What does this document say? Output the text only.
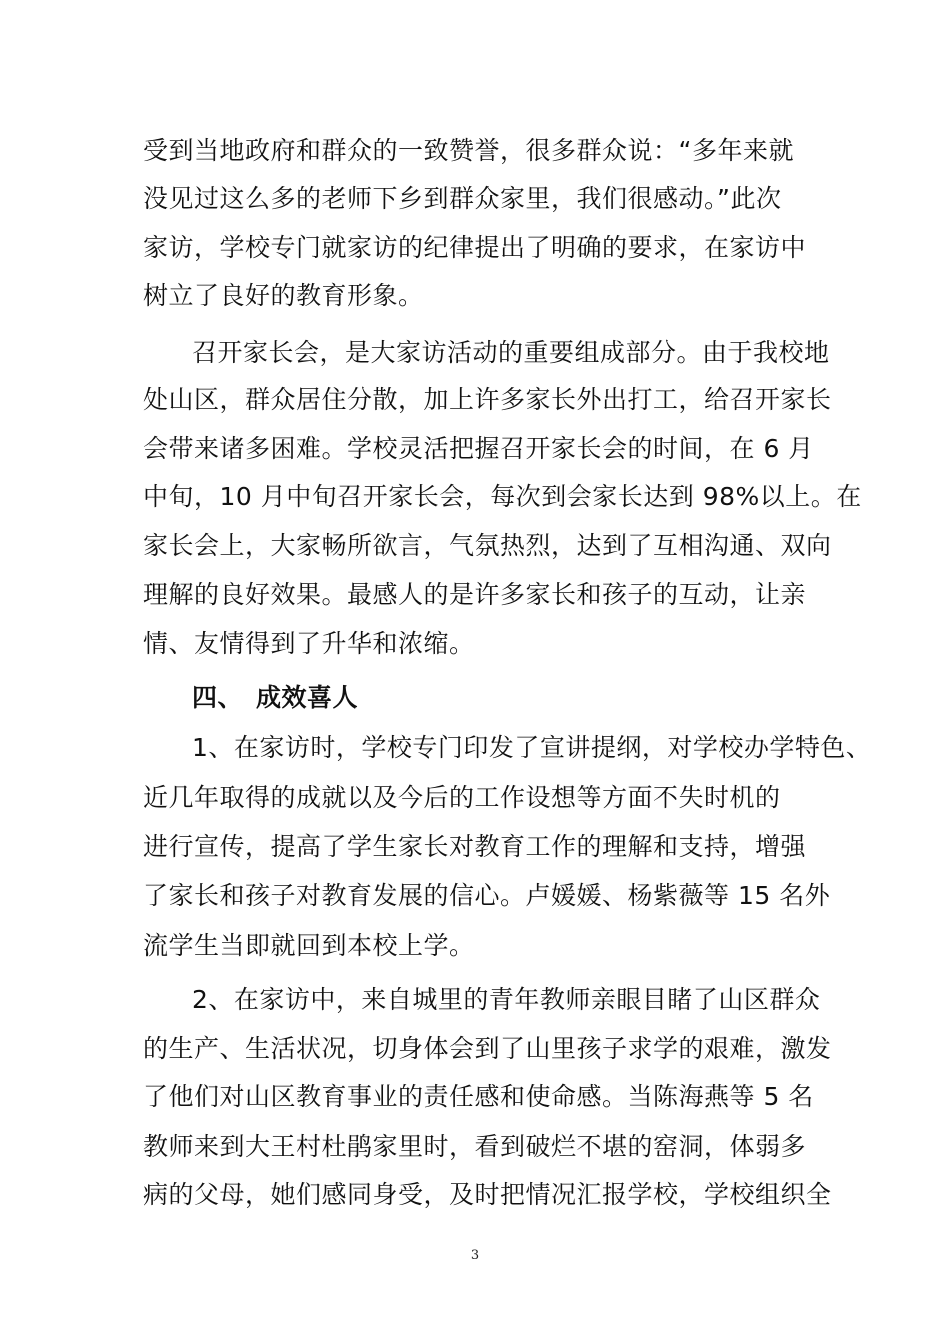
受到当地政府和群众的一致赞誉，很多群众说：“多年来就
没见过这么多的老师下乡到群众家里，我们很感动。”此次
家访，学校专门就家访的纪律提出了明确的要求，在家访中
树立了良好的教育形象。
召开家长会，是大家访活动的重要组成部分。由于我校地
处山区，群众居住分散，加上许多家长外出打工，给召开家长
会带来诸多困难。学校灵活把握召开家长会的时间，在 6 月
中旬，10 月中旬召开家长会，每次到会家长达到 98%以上。在
家长会上，大家畅所欲言，气氛热烈，达到了互相沟通、双向
理解的良好效果。最感人的是许多家长和孩子的互动，让亲
情、友情得到了升华和浓缩。
四、　成效喜人
1、在家访时，学校专门印发了宣讲提纲，对学校办学特色、
近几年取得的成就以及今后的工作设想等方面不失时机的
进行宣传，提高了学生家长对教育工作的理解和支持，增强
了家长和孩子对教育发展的信心。卢媛媛、杨紫薇等 15 名外
流学生当即就回到本校上学。
2、在家访中，来自城里的青年教师亲眼目睹了山区群众
的生产、生活状况，切身体会到了山里孩子求学的艰难，激发
了他们对山区教育事业的责任感和使命感。当陈海燕等 5 名
教师来到大王村杜鹃家里时，看到破烂不堪的窑洞，体弱多
病的父母，她们感同身受，及时把情况汇报学校，学校组织全
3
